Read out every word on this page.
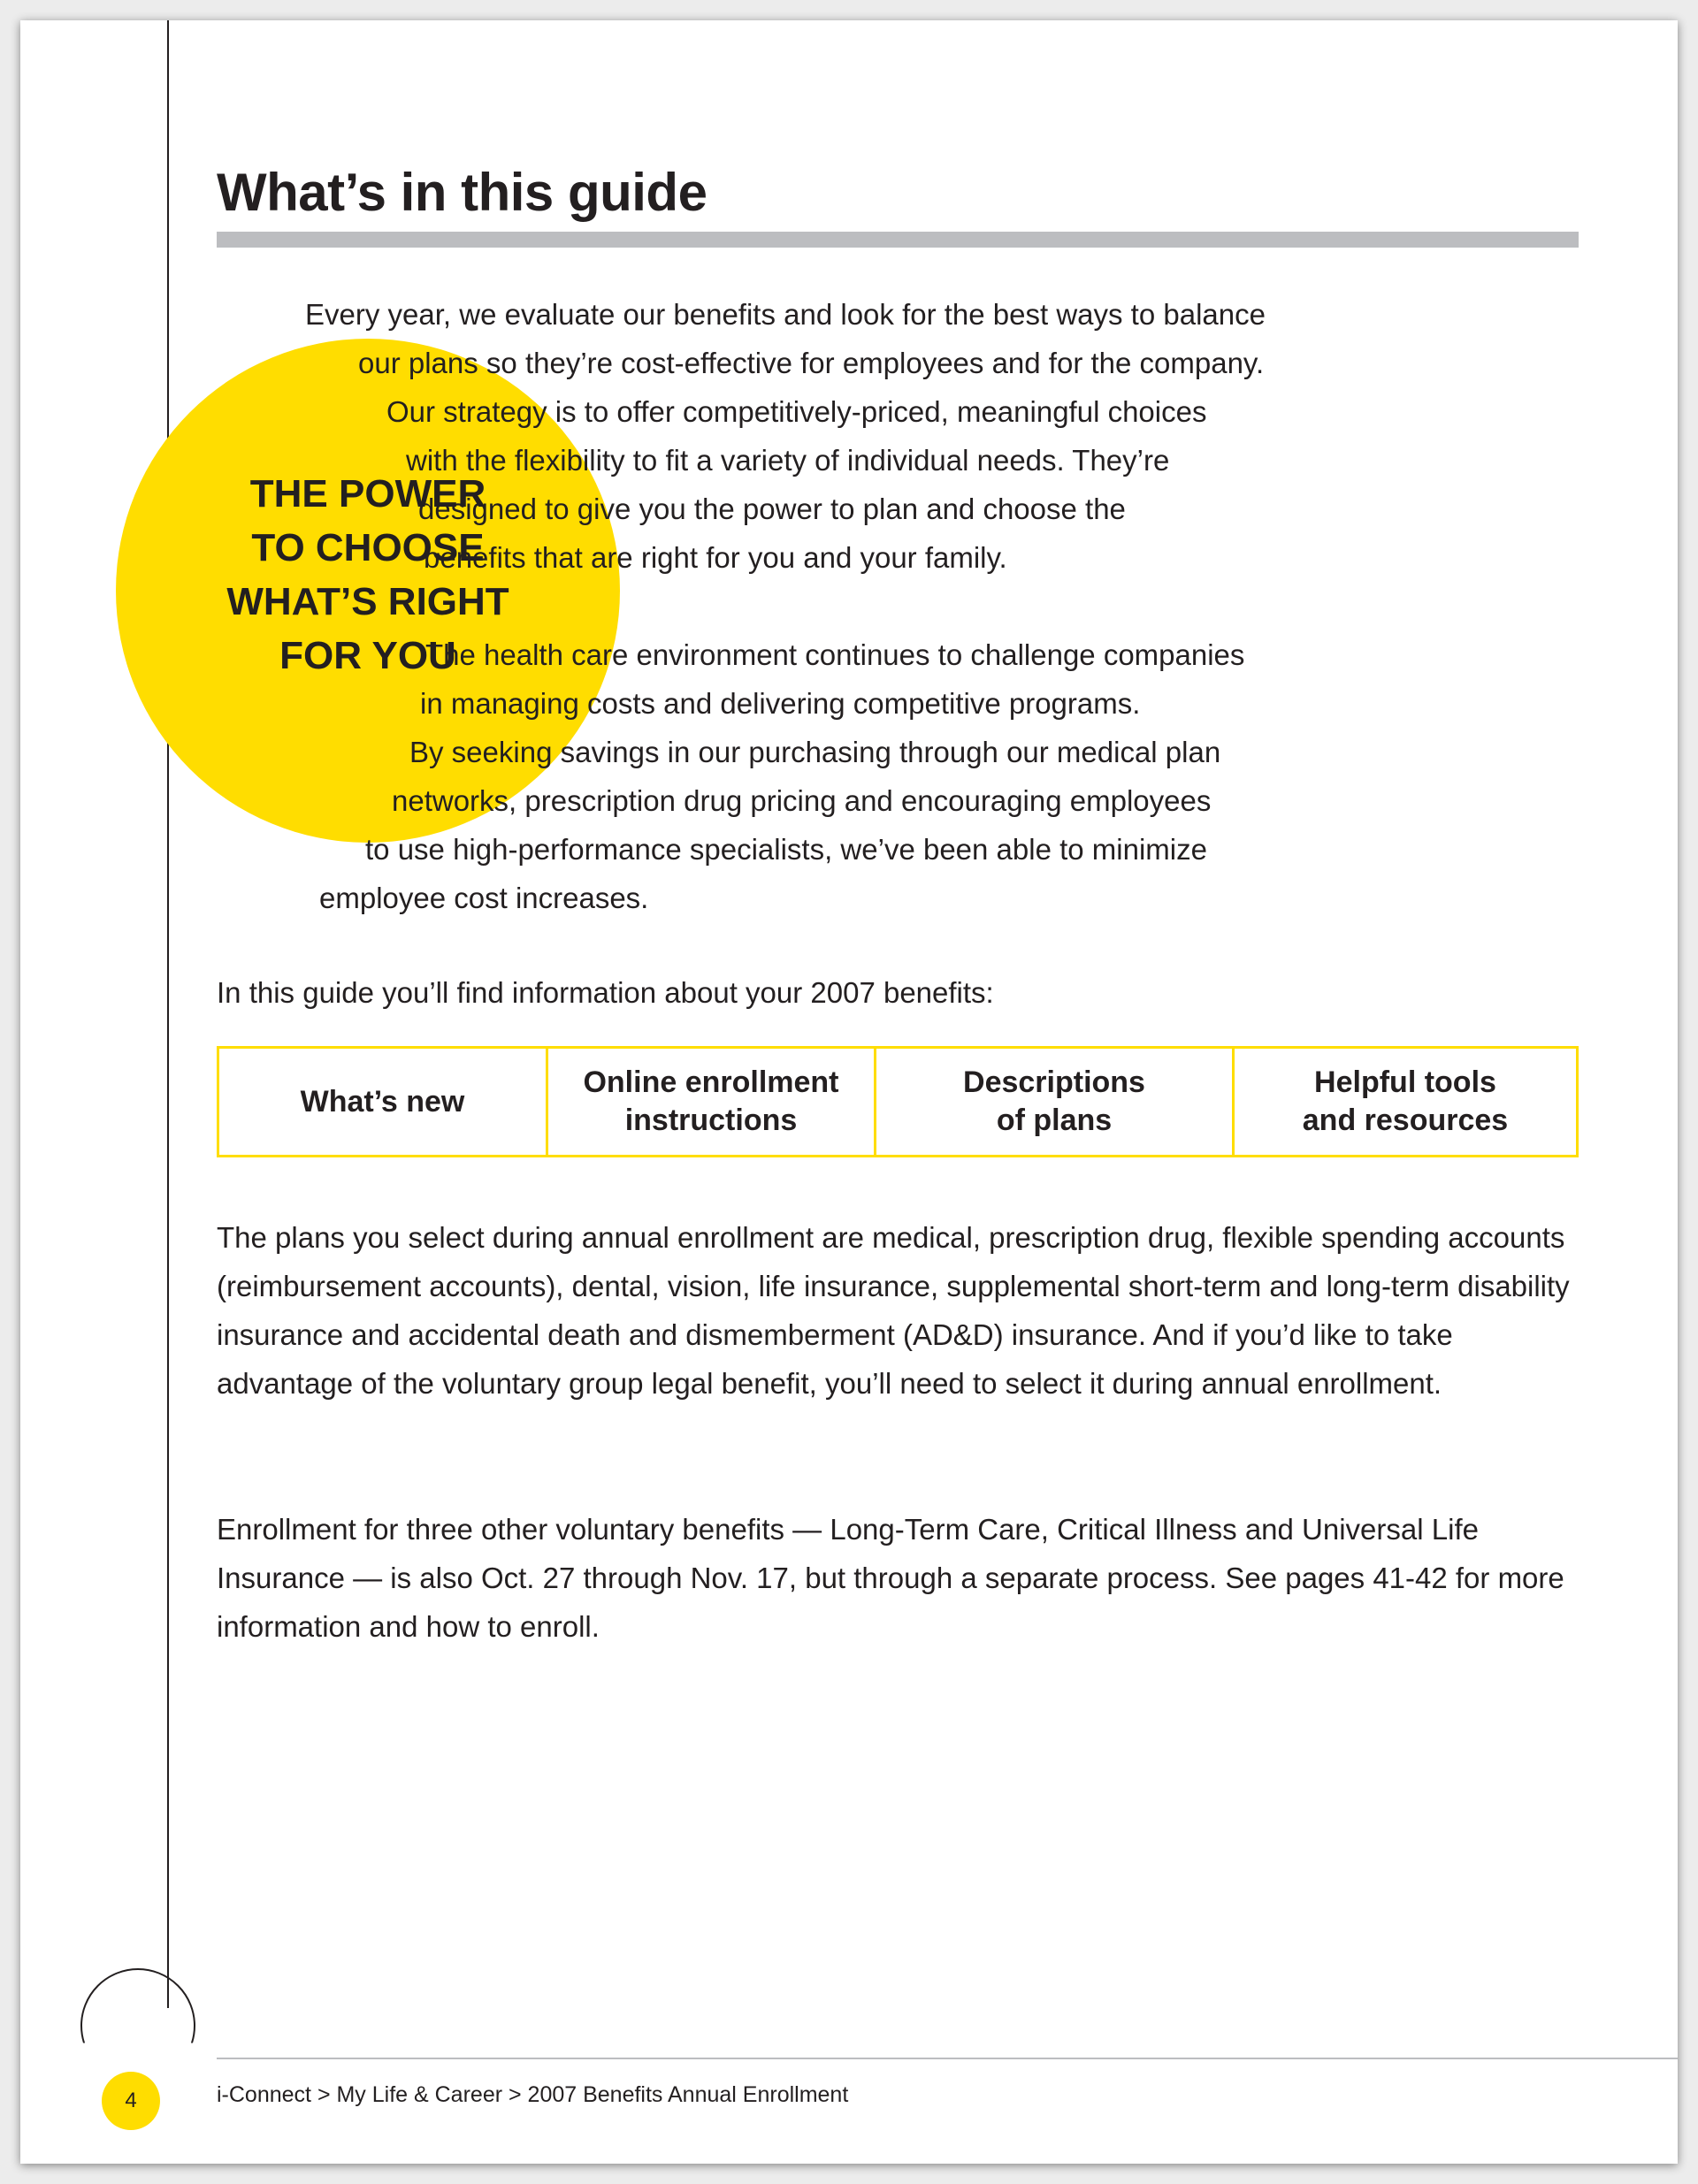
What’s in this guide
THE POWER
TO CHOOSE
WHAT’S RIGHT
FOR YOU
Every year, we evaluate our benefits and look for the best ways to balance
our plans so they’re cost-effective for employees and for the company.
Our strategy is to offer competitively-priced, meaningful choices
with the flexibility to fit a variety of individual needs. They’re
designed to give you the power to plan and choose the
benefits that are right for you and your family.
The health care environment continues to challenge companies
in managing costs and delivering competitive programs.
By seeking savings in our purchasing through our medical plan
networks, prescription drug pricing and encouraging employees
to use high-performance specialists, we’ve been able to minimize
employee cost increases.
In this guide you’ll find information about your 2007 benefits:
What’s new
Online enrollment
instructions
Descriptions
of plans
Helpful tools
and resources

The plans you select during annual enrollment are medical, prescription drug, flexible spending accounts (reimbursement accounts), dental, vision, life insurance, supplemental short-term and long-term disability insurance and accidental death and dismemberment (AD&D) insurance. And if you’d like to take advantage of the voluntary group legal benefit, you’ll need to select it during annual enrollment.

Enrollment for three other voluntary benefits — Long-Term Care, Critical Illness and Universal Life Insurance — is also Oct. 27 through Nov. 17, but through a separate process. See pages 41-42 for more information and how to enroll.

4	i-Connect > My Life & Career > 2007 Benefits Annual Enrollment
